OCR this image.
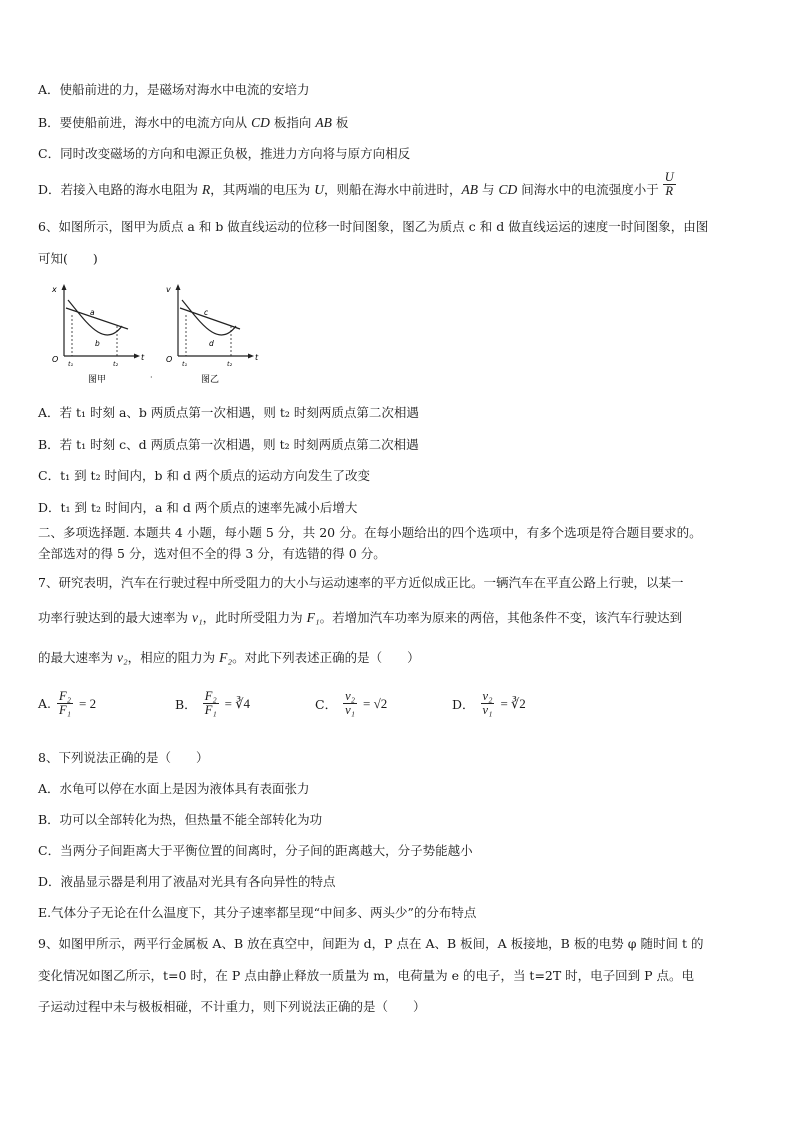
A．使船前进的力，是磁场对海水中电流的安培力
B．要使船前进，海水中的电流方向从 CD 板指向 AB 板
C．同时改变磁场的方向和电源正负极，推进力方向将与原方向相反
D．若接入电路的海水电阻为 R，其两端的电压为 U，则船在海水中前进时，AB 与 CD 间海水中的电流强度小于 $\frac{U}{R}$
6、如图所示，图甲为质点 a 和 b 做直线运动的位移一时间图象，图乙为质点 c 和 d 做直线运运的速度一时间图象，由图
可知(　　)
x
t
O
a
b
t₁	t₂
图甲	·
v
t
O
c
d
t₁	t₂
图乙
A．若 t₁ 时刻 a、b 两质点第一次相遇，则 t₂ 时刻两质点第二次相遇
B．若 t₁ 时刻 c、d 两质点第一次相遇，则 t₂ 时刻两质点第二次相遇
C．t₁ 到 t₂ 时间内，b 和 d 两个质点的运动方向发生了改变
D．t₁ 到 t₂ 时间内，a 和 d 两个质点的速率先减小后增大
二、多项选择题. 本题共 4 小题，每小题 5 分，共 20 分。在每小题给出的四个选项中，有多个选项是符合题目要求的。
全部选对的得 5 分，选对但不全的得 3 分，有选错的得 0 分。
7、研究表明，汽车在行驶过程中所受阻力的大小与运动速率的平方近似成正比。一辆汽车在平直公路上行驶，以某一
功率行驶达到的最大速率为 v₁，此时所受阻力为 F₁。若增加汽车功率为原来的两倍，其他条件不变，该汽车行驶达到
的最大速率为 v₂，相应的阻力为 F₂。对此下列表述正确的是（　　）
A. $\frac{\text{F₂}}{\text{F₁}} = 2$	B． $\frac{\text{F₂}}{\text{F₁}}$ = ∛4	C． $\frac{\text{v₂}}{\text{v₁}} = √2$	D． $\frac{\text{v₂}}{\text{v₁}}$ = ∛2
8、下列说法正确的是（　　）
A．水龟可以停在水面上是因为液体具有表面张力
B．功可以全部转化为热，但热量不能全部转化为功
C．当两分子间距离大于平衡位置的间离时，分子间的距离越大，分子势能越小
D．液晶显示器是利用了液晶对光具有各向异性的特点
E.气体分子无论在什么温度下，其分子速率都呈现“中间多、两头少”的分布特点
9、如图甲所示，两平行金属板 A、B 放在真空中，间距为 d，P 点在 A、B 板间，A 板接地，B 板的电势 φ 随时间 t 的
变化情况如图乙所示，t=0 时，在 P 点由静止释放一质量为 m，电荷量为 e 的电子，当 t=2T 时，电子回到 P 点。电
子运动过程中未与极板相碰，不计重力，则下列说法正确的是（　　）
